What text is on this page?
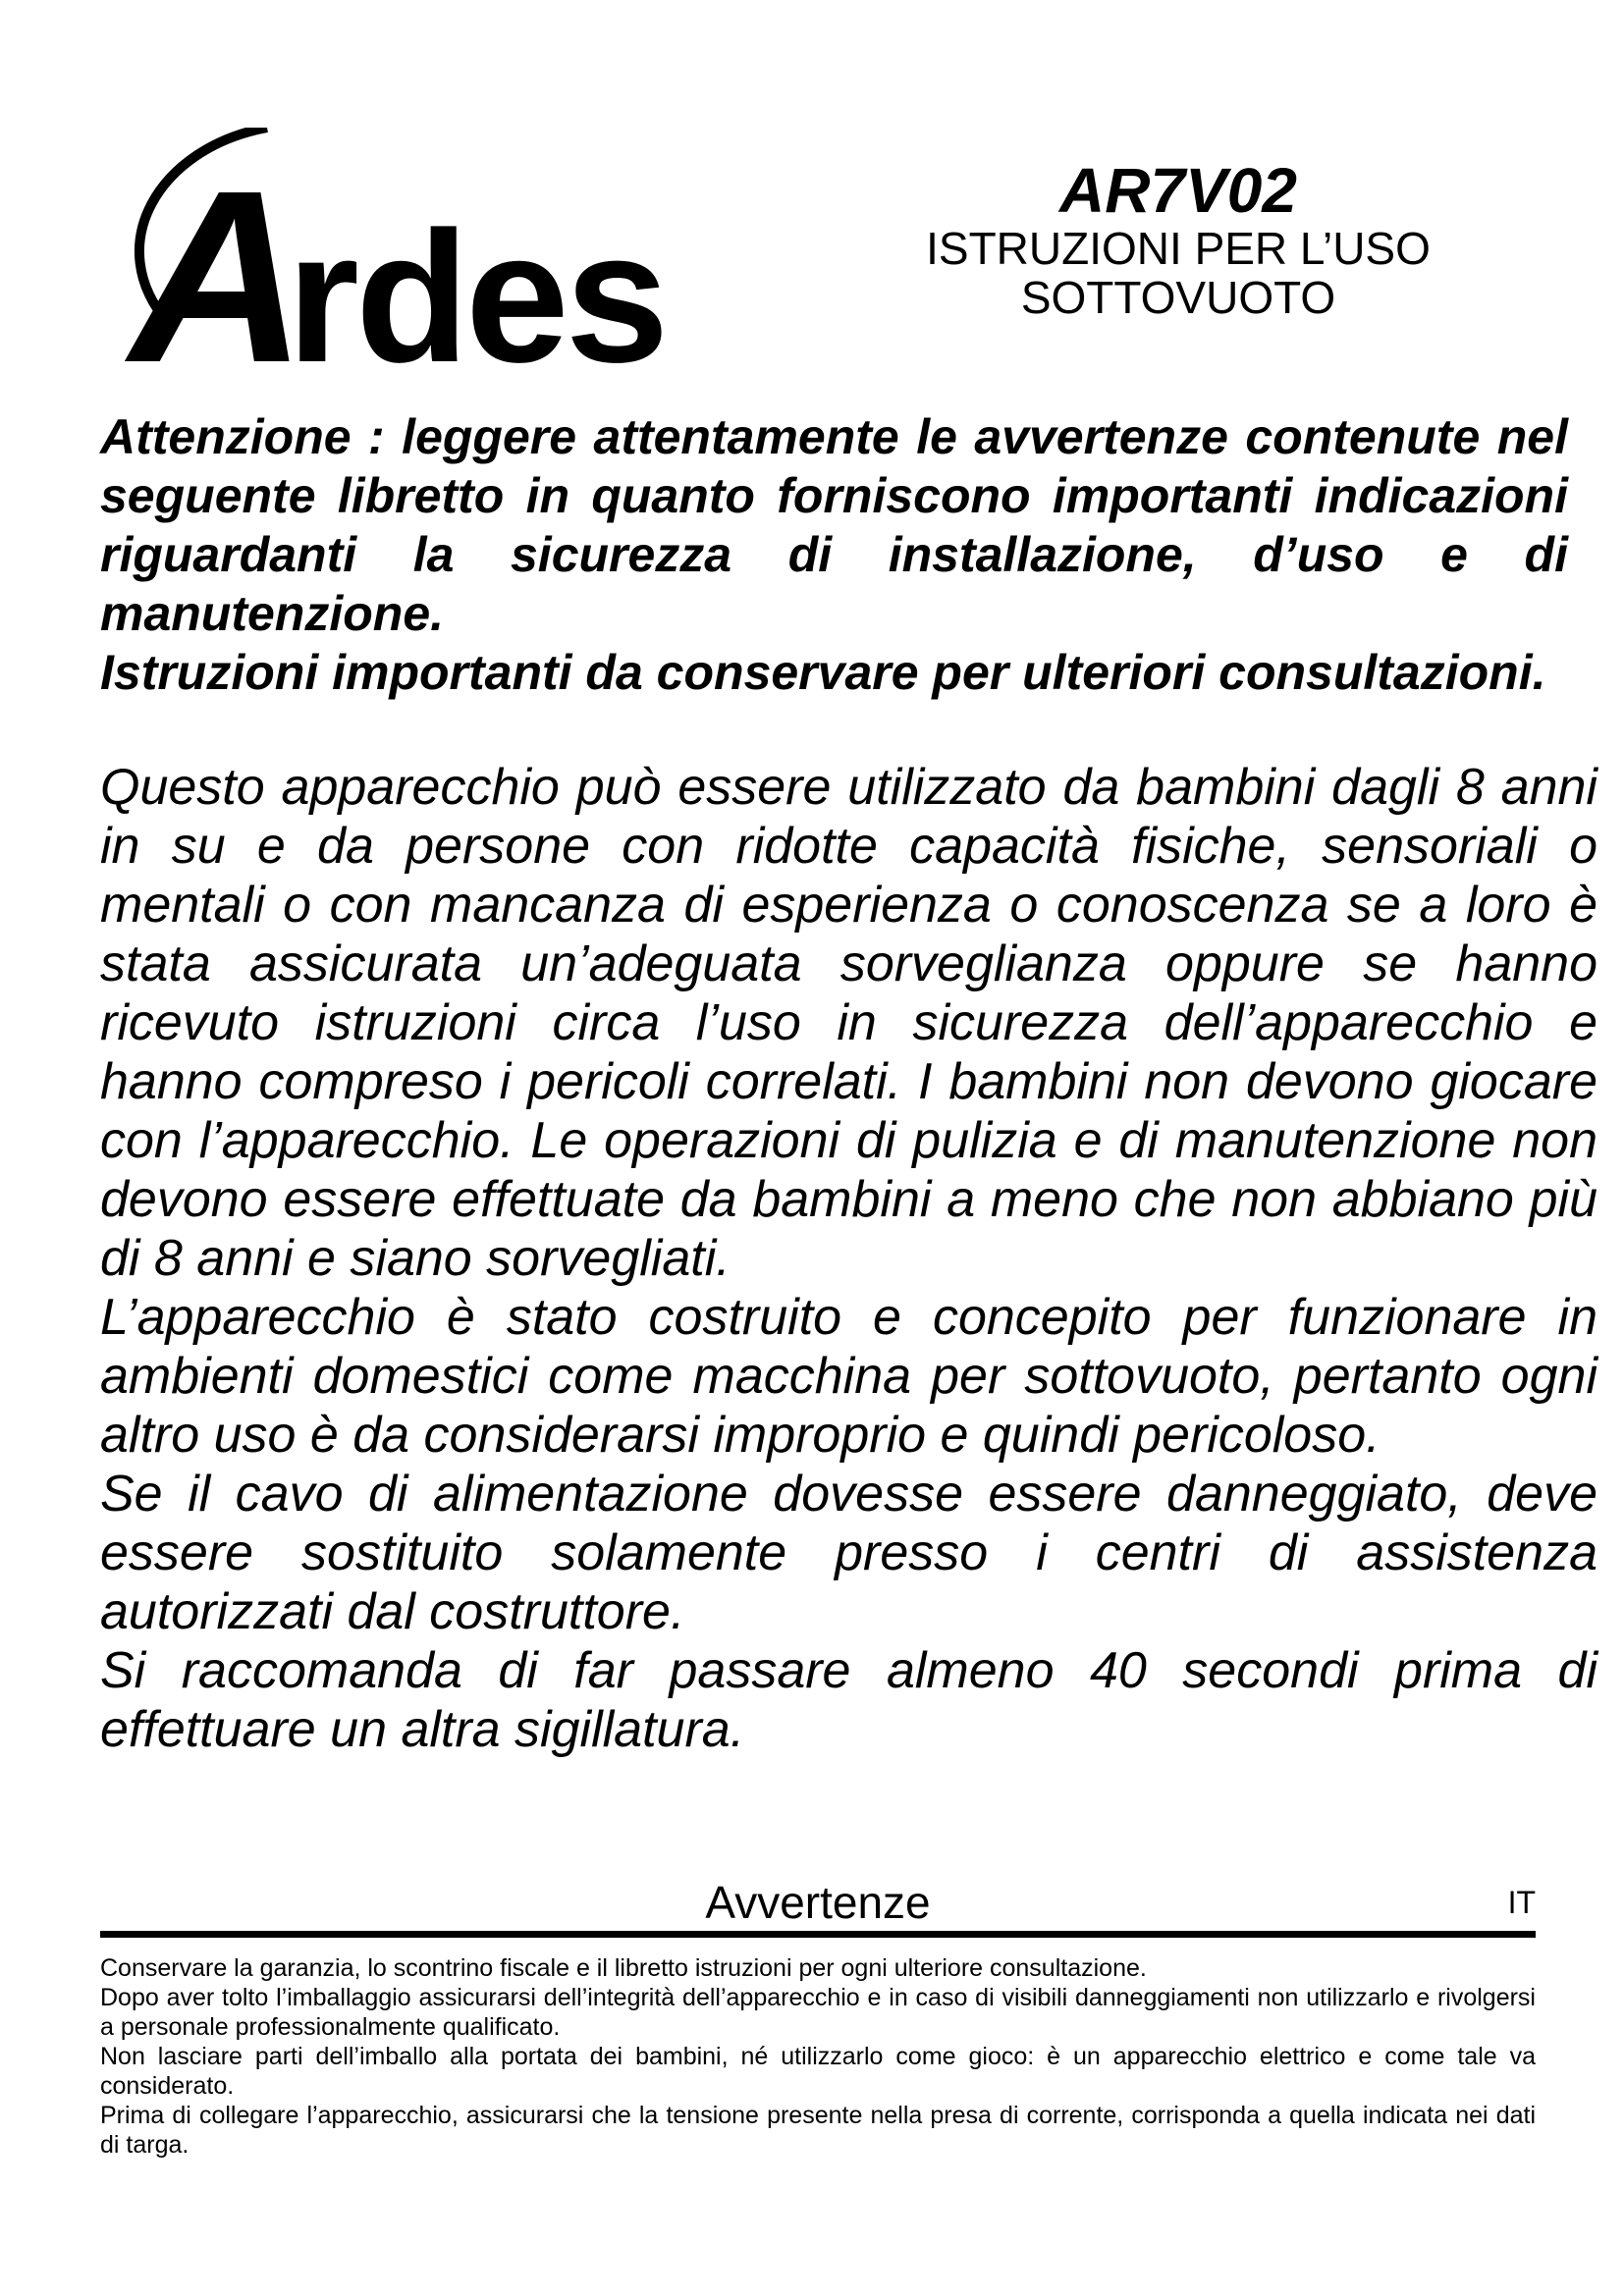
A
rdes
AR7V02
ISTRUZIONI PER L’USO
SOTTOVUOTO

Attenzione : leggere attentamente le avvertenze contenute nel seguente libretto in quanto forniscono importanti indicazioni riguardanti la sicurezza di installazione, d’uso e di manutenzione.

Istruzioni importanti da conservare per ulteriori consultazioni.

Questo apparecchio può essere utilizzato da bambini dagli 8 anni in su e da persone con ridotte capacità fisiche, sensoriali o mentali o con mancanza di esperienza o conoscenza se a loro è stata assicurata un’adeguata sorveglianza oppure se hanno ricevuto istruzioni circa l’uso in sicurezza dell’apparecchio e hanno compreso i pericoli correlati. I bambini non devono giocare con l’apparecchio. Le operazioni di pulizia e di manutenzione non devono essere effettuate da bambini a meno che non abbiano più di 8 anni e siano sorvegliati.

L’apparecchio è stato costruito e concepito per funzionare in ambienti domestici come macchina per sottovuoto, pertanto ogni altro uso è da considerarsi improprio e quindi pericoloso.

Se il cavo di alimentazione dovesse essere danneggiato, deve essere sostituito solamente presso i centri di assistenza autorizzati dal costruttore.

Si raccomanda di far passare almeno 40 secondi prima di effettuare un altra sigillatura.

Avvertenze	IT

Conservare la garanzia, lo scontrino fiscale e il libretto istruzioni per ogni ulteriore consultazione.

Dopo aver tolto l’imballaggio assicurarsi dell’integrità dell’apparecchio e in caso di visibili danneggiamenti non utilizzarlo e rivolgersi a personale professionalmente qualificato.

Non lasciare parti dell’imballo alla portata dei bambini, né utilizzarlo come gioco: è un apparecchio elettrico e come tale va considerato.

Prima di collegare l’apparecchio, assicurarsi che la tensione presente nella presa di corrente, corrisponda a quella indicata nei dati di targa.
